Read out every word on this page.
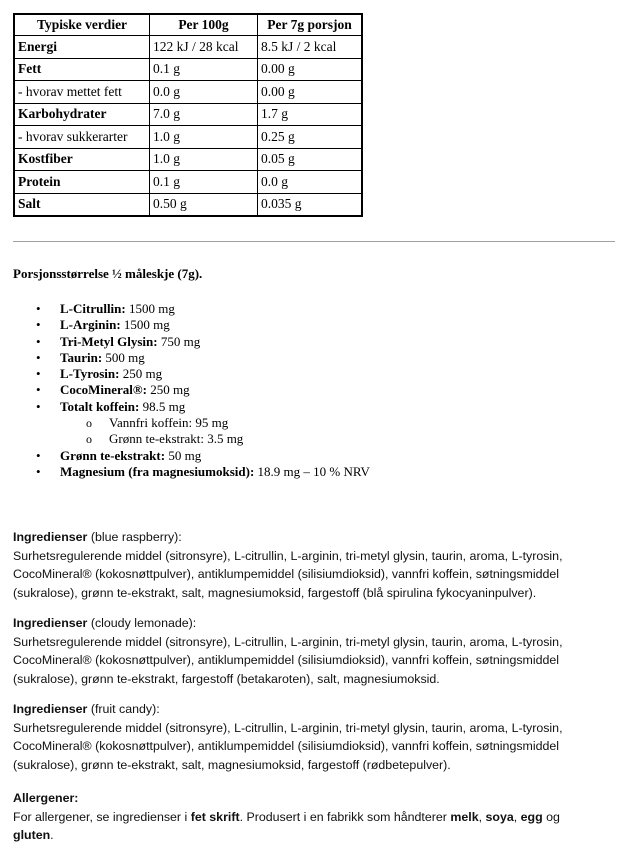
Typiske verdier	Per 100g	Per 7g porsjon
Energi	122 kJ / 28 kcal	8.5 kJ / 2 kcal
Fett	0.1 g	0.00 g
- hvorav mettet fett	0.0 g	0.00 g
Karbohydrater	7.0 g	1.7 g
- hvorav sukkerarter	1.0 g	0.25 g
Kostfiber	1.0 g	0.05 g
Protein	0.1 g	0.0 g
Salt	0.50 g	0.035 g
Porsjonsstørrelse ½ måleskje (7g).
• L-Citrullin: 1500 mg
• L-Arginin: 1500 mg
• Tri-Metyl Glysin: 750 mg
• Taurin: 500 mg
• L-Tyrosin: 250 mg
• CocoMineral®: 250 mg
• Totalt koffein: 98.5 mg
o Vannfri koffein: 95 mg
o Grønn te-ekstrakt: 3.5 mg
• Grønn te-ekstrakt: 50 mg
• Magnesium (fra magnesiumoksid): 18.9 mg – 10 % NRV
Ingredienser (blue raspberry):
Surhetsregulerende middel (sitronsyre), L-citrullin, L-arginin, tri-metyl glysin, taurin, aroma, L-tyrosin, CocoMineral® (kokosnøttpulver), antiklumpemiddel (silisiumdioksid), vannfri koffein, søtningsmiddel (sukralose), grønn te-ekstrakt, salt, magnesiumoksid, fargestoff (blå spirulina fykocyaninpulver).
Ingredienser (cloudy lemonade):
Surhetsregulerende middel (sitronsyre), L-citrullin, L-arginin, tri-metyl glysin, taurin, aroma, L-tyrosin, CocoMineral® (kokosnøttpulver), antiklumpemiddel (silisiumdioksid), vannfri koffein, søtningsmiddel (sukralose), grønn te-ekstrakt, fargestoff (betakaroten), salt, magnesiumoksid.
Ingredienser (fruit candy):
Surhetsregulerende middel (sitronsyre), L-citrullin, L-arginin, tri-metyl glysin, taurin, aroma, L-tyrosin, CocoMineral® (kokosnøttpulver), antiklumpemiddel (silisiumdioksid), vannfri koffein, søtningsmiddel (sukralose), grønn te-ekstrakt, salt, magnesiumoksid, fargestoff (rødbetepulver).
Allergener:
For allergener, se ingredienser i fet skrift. Produsert i en fabrikk som håndterer melk, soya, egg og
gluten.
